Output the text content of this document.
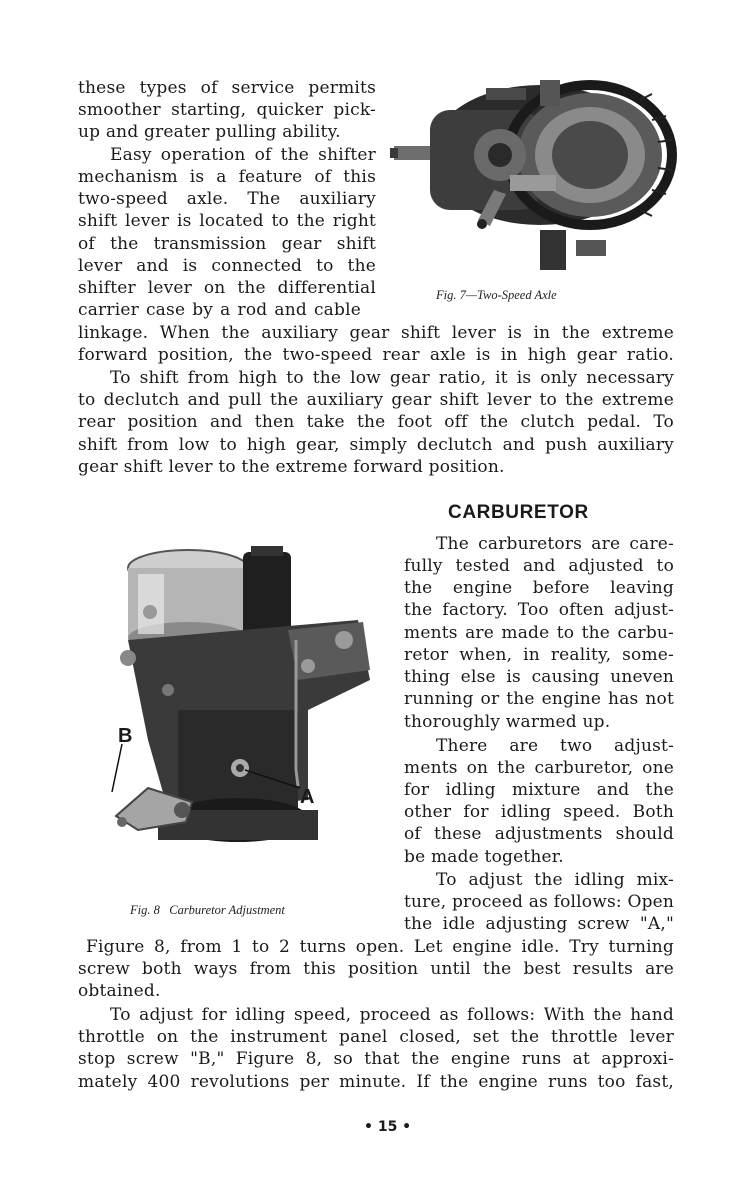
these types of service permits
smoother starting, quicker pick-
up and greater pulling ability.
Easy operation of the shifter
mechanism is a feature of this
two-speed axle. The auxiliary
shift lever is located to the right
of the transmission gear shift
lever and is connected to the
shifter lever on the differential
carrier case by a rod and cable
linkage. When the auxiliary gear shift lever is in the extreme
forward position, the two-speed rear axle is in high gear ratio.
To shift from high to the low gear ratio, it is only necessary
to declutch and pull the auxiliary gear shift lever to the extreme
rear position and then take the foot off the clutch pedal. To
shift from low to high gear, simply declutch and push auxiliary
gear shift lever to the extreme forward position.
Fig. 7—Two-Speed Axle
CARBURETOR
The carburetors are care-
fully tested and adjusted to
the engine before leaving
the factory. Too often adjust-
ments are made to the carbu-
retor when, in reality, some-
thing else is causing uneven
running or the engine has not
thoroughly warmed up.
There are two adjust-
ments on the carburetor, one
for idling mixture and the
other for idling speed. Both
of these adjustments should
be made together.
To adjust the idling mix-
ture, proceed as follows: Open
the idle adjusting screw "A,"
Figure 8, from 1 to 2 turns open. Let engine idle. Try turning
screw both ways from this position until the best results are
obtained.
To adjust for idling speed, proceed as follows: With the hand
throttle on the instrument panel closed, set the throttle lever
stop screw "B," Figure 8, so that the engine runs at approxi-
mately 400 revolutions per minute. If the engine runs too fast,
B
A
Fig. 8   Carburetor Adjustment
• 15 •
